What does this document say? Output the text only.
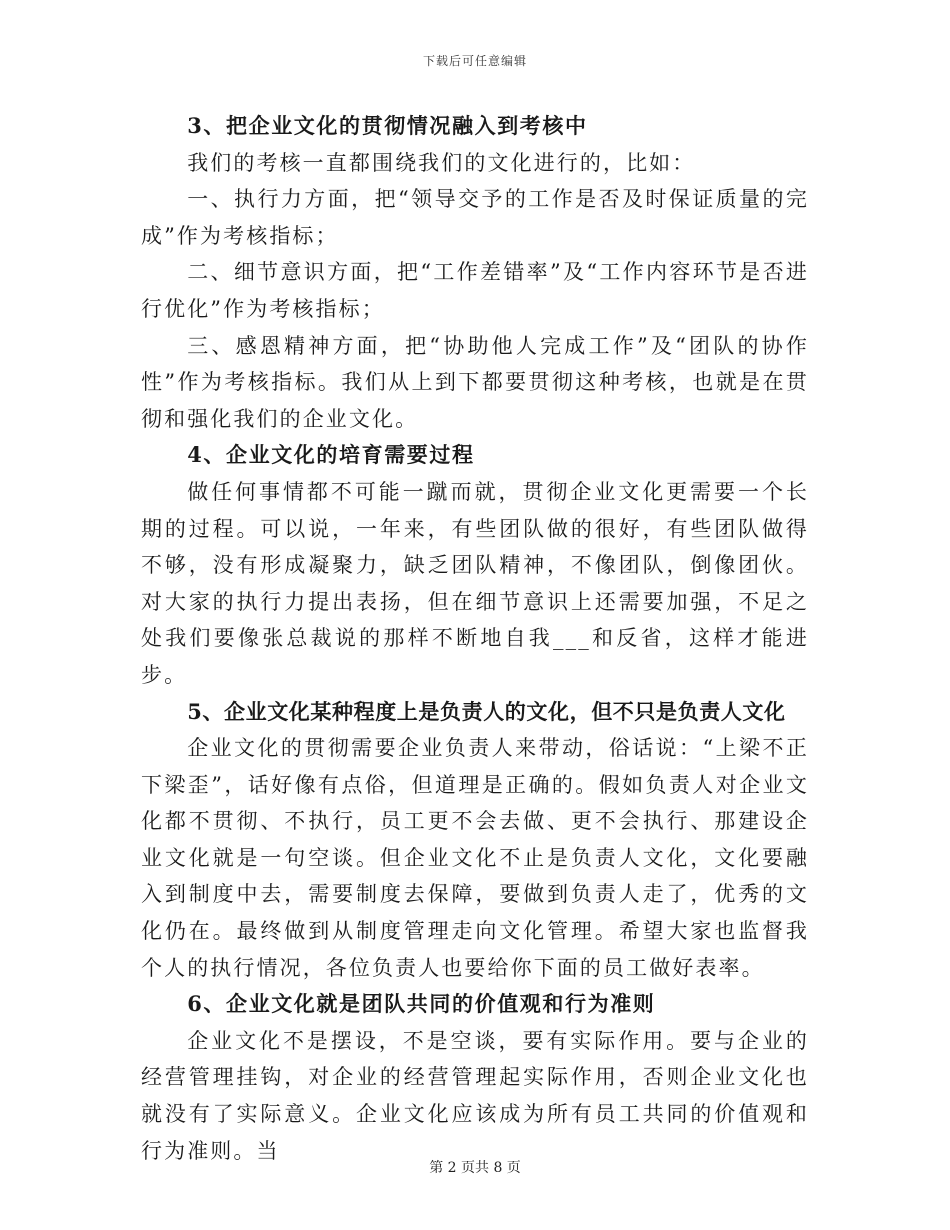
下载后可任意编辑
3、把企业文化的贯彻情况融入到考核中

我们的考核一直都围绕我们的文化进行的，比如：

一、执行力方面，把“领导交予的工作是否及时保证质量的完成”作为考核指标；

二、细节意识方面，把“工作差错率”及“工作内容环节是否进行优化”作为考核指标；

三、感恩精神方面，把“协助他人完成工作”及“团队的协作性”作为考核指标。我们从上到下都要贯彻这种考核，也就是在贯彻和强化我们的企业文化。

4、企业文化的培育需要过程

做任何事情都不可能一蹴而就，贯彻企业文化更需要一个长期的过程。可以说，一年来，有些团队做的很好，有些团队做得不够，没有形成凝聚力，缺乏团队精神，不像团队，倒像团伙。对大家的执行力提出表扬，但在细节意识上还需要加强，不足之处我们要像张总裁说的那样不断地自我___和反省，这样才能进步。

5、企业文化某种程度上是负责人的文化，但不只是负责人文化

企业文化的贯彻需要企业负责人来带动，俗话说：“上梁不正下梁歪”，话好像有点俗，但道理是正确的。假如负责人对企业文化都不贯彻、不执行，员工更不会去做、更不会执行、那建设企业文化就是一句空谈。但企业文化不止是负责人文化，文化要融入到制度中去，需要制度去保障，要做到负责人走了，优秀的文化仍在。最终做到从制度管理走向文化管理。希望大家也监督我个人的执行情况，各位负责人也要给你下面的员工做好表率。

6、企业文化就是团队共同的价值观和行为准则

企业文化不是摆设，不是空谈，要有实际作用。要与企业的经营管理挂钩，对企业的经营管理起实际作用，否则企业文化也就没有了实际意义。企业文化应该成为所有员工共同的价值观和行为准则。当

第 2 页共 8 页
